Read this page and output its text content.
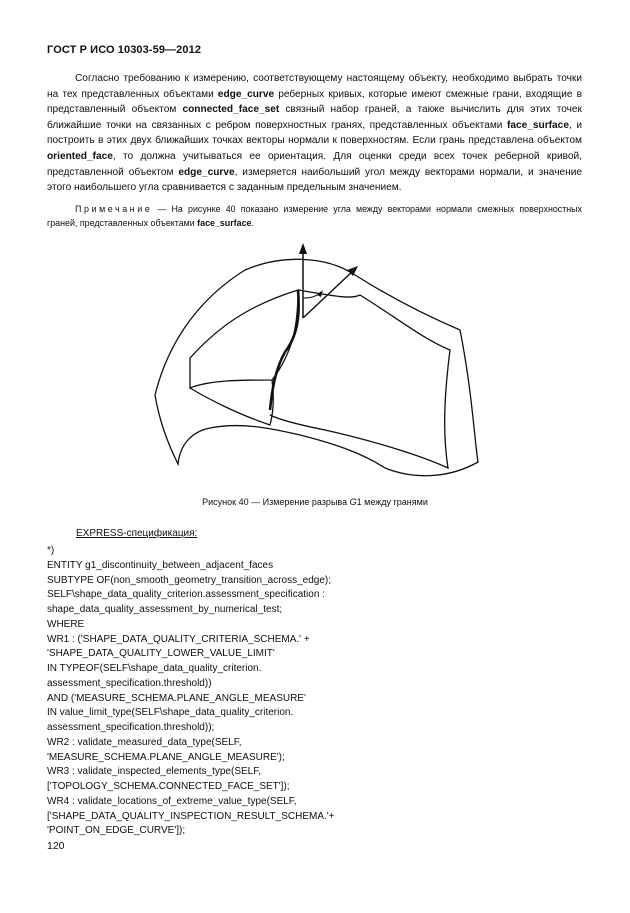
ГОСТ Р ИСО 10303-59—2012
Согласно требованию к измерению, соответствующему настоящему объекту, необходимо выбрать точки на тех представленных объектами edge_curve реберных кривых, которые имеют смежные грани, входящие в представленный объектом connected_face_set связный набор граней, а также вычислить для этих точек ближайшие точки на связанных с ребром поверхностных гранях, представленных объектами face_surface, и построить в этих двух ближайших точках векторы нормали к поверхностям. Если грань представлена объектом oriented_face, то должна учитываться ее ориентация. Для оценки среди всех точек реберной кривой, представленной объектом edge_curve, измеряется наибольший угол между векторами нормали, и значение этого наибольшего угла сравнивается с заданным предельным значением.
Примечание — На рисунке 40 показано измерение угла между векторами нормали смежных поверхностных граней, представленных объектами face_surface.
Рисунок 40 — Измерение разрыва G1 между гранями
EXPRESS-спецификация:
*)
ENTITY g1_discontinuity_between_adjacent_faces
SUBTYPE OF(non_smooth_geometry_transition_across_edge);
SELF\shape_data_quality_criterion.assessment_specification :
shape_data_quality_assessment_by_numerical_test;
WHERE
WR1 : ('SHAPE_DATA_QUALITY_CRITERIA_SCHEMA.' +
'SHAPE_DATA_QUALITY_LOWER_VALUE_LIMIT'
IN TYPEOF(SELF\shape_data_quality_criterion.
assessment_specification.threshold))
AND ('MEASURE_SCHEMA.PLANE_ANGLE_MEASURE'
IN value_limit_type(SELF\shape_data_quality_criterion.
assessment_specification.threshold));
WR2 : validate_measured_data_type(SELF,
'MEASURE_SCHEMA.PLANE_ANGLE_MEASURE');
WR3 : validate_inspected_elements_type(SELF,
['TOPOLOGY_SCHEMA.CONNECTED_FACE_SET']);
WR4 : validate_locations_of_extreme_value_type(SELF,
['SHAPE_DATA_QUALITY_INSPECTION_RESULT_SCHEMA.'+
'POINT_ON_EDGE_CURVE']);
120
